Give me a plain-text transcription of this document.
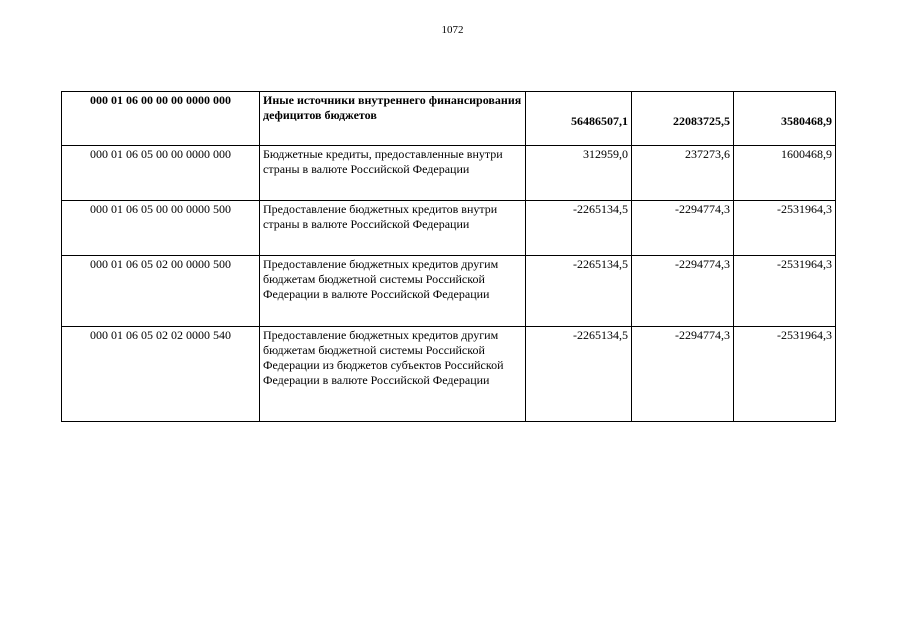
1072
000 01 06 00 00 00 0000 000	Иные источники внутреннего финансирования дефицитов бюджетов	56486507,1	22083725,5	3580468,9
000 01 06 05 00 00 0000 000	Бюджетные кредиты, предоставленные внутри страны в валюте Российской Федерации	312959,0	237273,6	1600468,9
000 01 06 05 00 00 0000 500	Предоставление бюджетных кредитов внутри страны в валюте Российской Федерации	-2265134,5	-2294774,3	-2531964,3
000 01 06 05 02 00 0000 500	Предоставление бюджетных кредитов другим бюджетам бюджетной системы Российской Федерации в валюте Российской Федерации	-2265134,5	-2294774,3	-2531964,3
000 01 06 05 02 02 0000 540	Предоставление бюджетных кредитов другим бюджетам бюджетной системы Российской Федерации из бюджетов субъектов Российской Федерации в валюте Российской Федерации	-2265134,5	-2294774,3	-2531964,3
